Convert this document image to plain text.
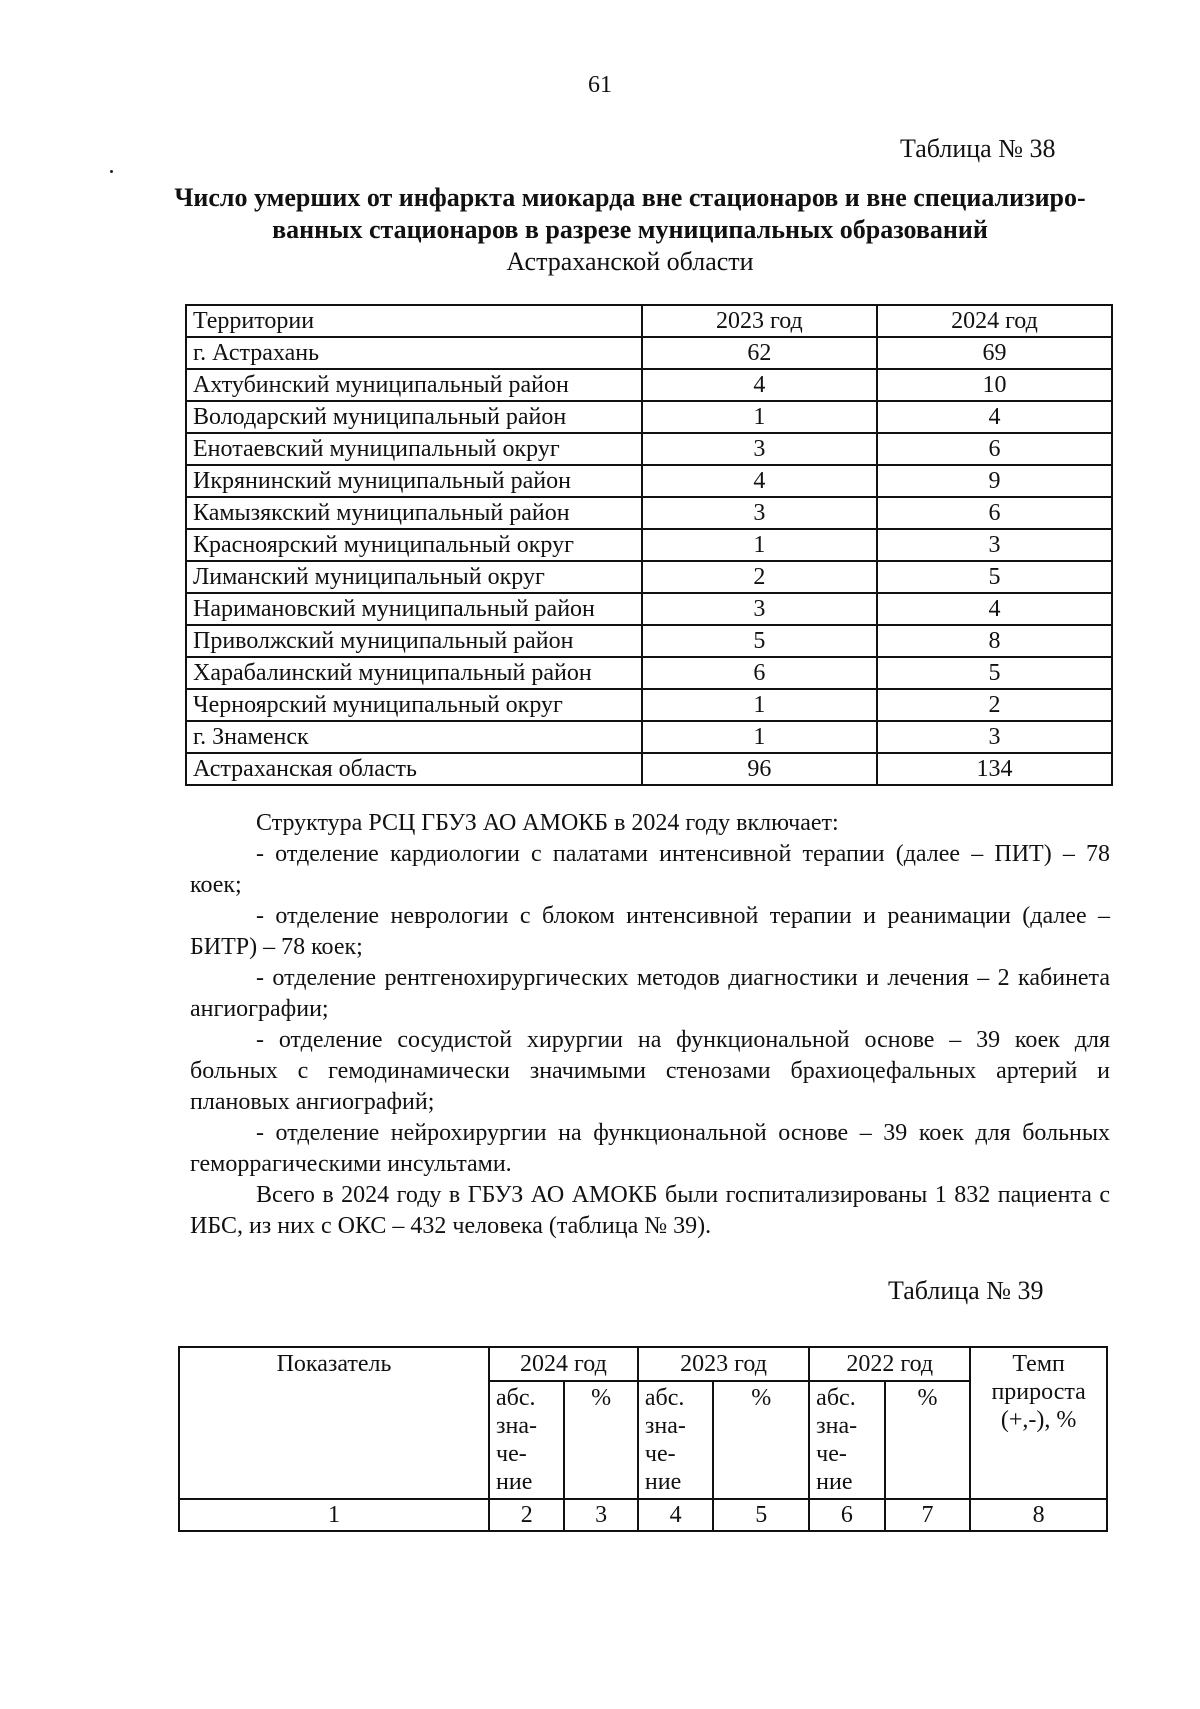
61
Таблица № 38
Число умерших от инфаркта миокарда вне стационаров и вне специализиро-
ванных стационаров в разрезе муниципальных образований
Астраханской области
Территории	2023 год	2024 год
г. Астрахань	62	69
Ахтубинский муниципальный район	4	10
Володарский муниципальный район	1	4
Енотаевский муниципальный округ	3	6
Икрянинский муниципальный район	4	9
Камызякский муниципальный район	3	6
Красноярский муниципальный округ	1	3
Лиманский муниципальный округ	2	5
Наримановский муниципальный район	3	4
Приволжский муниципальный район	5	8
Харабалинский муниципальный район	6	5
Черноярский муниципальный округ	1	2
г. Знаменск	1	3
Астраханская область	96	134

Структура РСЦ ГБУЗ АО АМОКБ в 2024 году включает:

- отделение кардиологии с палатами интенсивной терапии (далее – ПИТ) – 78 коек;

- отделение неврологии с блоком интенсивной терапии и реанимации (далее – БИТР) – 78 коек;

- отделение рентгенохирургических методов диагностики и лечения – 2 кабинета ангиографии;

- отделение сосудистой хирургии на функциональной основе – 39 коек для больных с гемодинамически значимыми стенозами брахиоцефальных артерий и плановых ангиографий;

- отделение нейрохирургии на функциональной основе – 39 коек для больных геморрагическими инсультами.

Всего в 2024 году в ГБУЗ АО АМОКБ были госпитализированы 1 832 пациента с ИБС, из них с ОКС – 432 человека (таблица № 39).

Таблица № 39
Показатель	2024 год		2023 год		2022 год		Темп прироста (+,-), %
	абс. зна- че- ние	%	абс. зна- че- ние	%	абс. зна- че- ние	%	
1	2	3	4	5	6	7	8
